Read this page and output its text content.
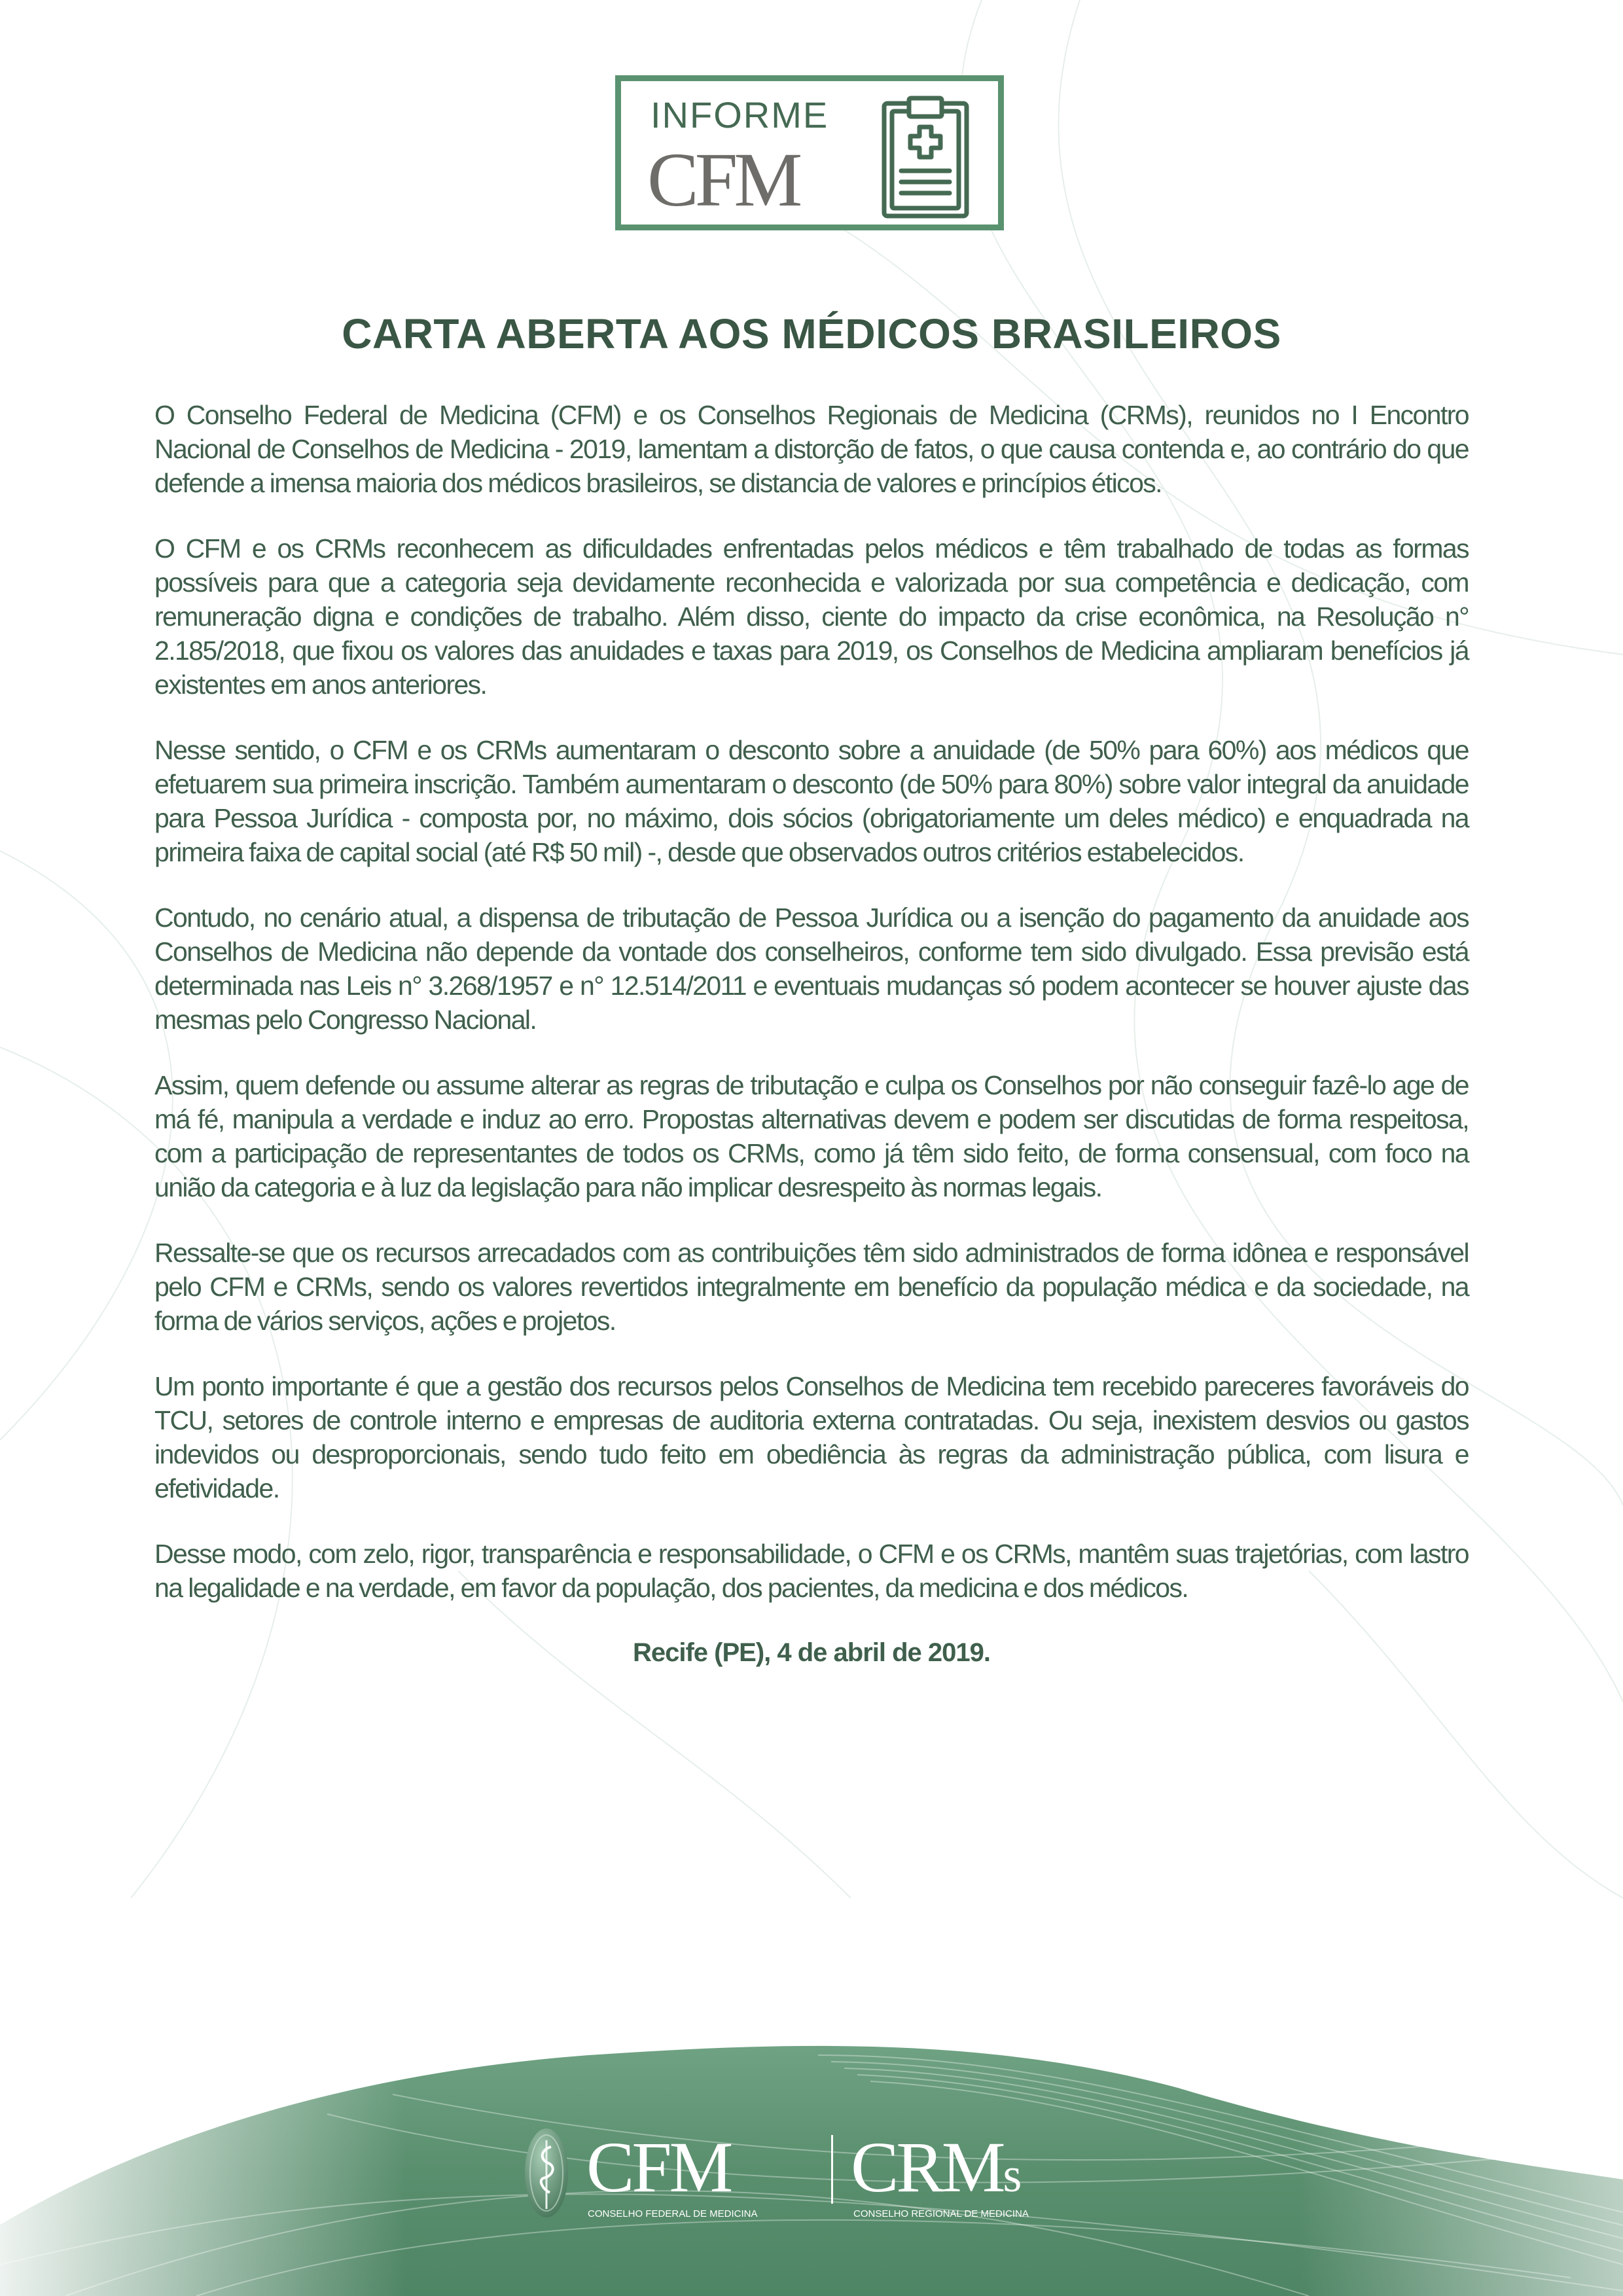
INFORME
CFM
CARTA ABERTA AOS MÉDICOS BRASILEIROS

O Conselho Federal de Medicina (CFM) e os Conselhos Regionais de Medicina (CRMs), reunidos no I Encontro Nacional de Conselhos de Medicina - 2019, lamentam a distorção de fatos, o que causa contenda e, ao contrário do que defende a imensa maioria dos médicos brasileiros, se distancia de valores e princípios éticos.

O CFM e os CRMs reconhecem as dificuldades enfrentadas pelos médicos e têm trabalhado de todas as formas possíveis para que a categoria seja devidamente reconhecida e valorizada por sua competência e dedicação, com remuneração digna e condições de trabalho. Além disso, ciente do impacto da crise econômica, na Resolução n° 2.185/2018, que fixou os valores das anuidades e taxas para 2019, os Conselhos de Medicina ampliaram benefícios já existentes em anos anteriores.

Nesse sentido, o CFM e os CRMs aumentaram o desconto sobre a anuidade (de 50% para 60%) aos médicos que efetuarem sua primeira inscrição. Também aumentaram o desconto (de 50% para 80%) sobre valor integral da anuidade para Pessoa Jurídica - composta por, no máximo, dois sócios (obrigatoriamente um deles médico) e enquadrada na primeira faixa de capital social (até R$ 50 mil) -, desde que observados outros critérios estabelecidos.

Contudo, no cenário atual, a dispensa de tributação de Pessoa Jurídica ou a isenção do pagamento da anuidade aos Conselhos de Medicina não depende da vontade dos conselheiros, conforme tem sido divulgado. Essa previsão está determinada nas Leis n° 3.268/1957 e n° 12.514/2011 e eventuais mudanças só podem acontecer se houver ajuste das mesmas pelo Congresso Nacional.

Assim, quem defende ou assume alterar as regras de tributação e culpa os Conselhos por não conseguir fazê-lo age de má fé, manipula a verdade e induz ao erro. Propostas alternativas devem e podem ser discutidas de forma respeitosa, com a participação de representantes de todos os CRMs, como já têm sido feito, de forma consensual, com foco na união da categoria e à luz da legislação para não implicar desrespeito às normas legais.

Ressalte-se que os recursos arrecadados com as contribuições têm sido administrados de forma idônea e responsável pelo CFM e CRMs, sendo os valores revertidos integralmente em benefício da população médica e da sociedade, na forma de vários serviços, ações e projetos.

Um ponto importante é que a gestão dos recursos pelos Conselhos de Medicina tem recebido pareceres favoráveis do TCU, setores de controle interno e empresas de auditoria externa contratadas. Ou seja, inexistem desvios ou gastos indevidos ou desproporcionais, sendo tudo feito em obediência às regras da administração pública, com lisura e efetividade.

Desse modo, com zelo, rigor, transparência e responsabilidade, o CFM e os CRMs, mantêm suas trajetórias, com lastro na legalidade e na verdade, em favor da população, dos pacientes, da medicina e dos médicos.

Recife (PE), 4 de abril de 2019.
CFM CRMs
CONSELHO FEDERAL DE MEDICINA	CONSELHO REGIONAL DE MEDICINA
